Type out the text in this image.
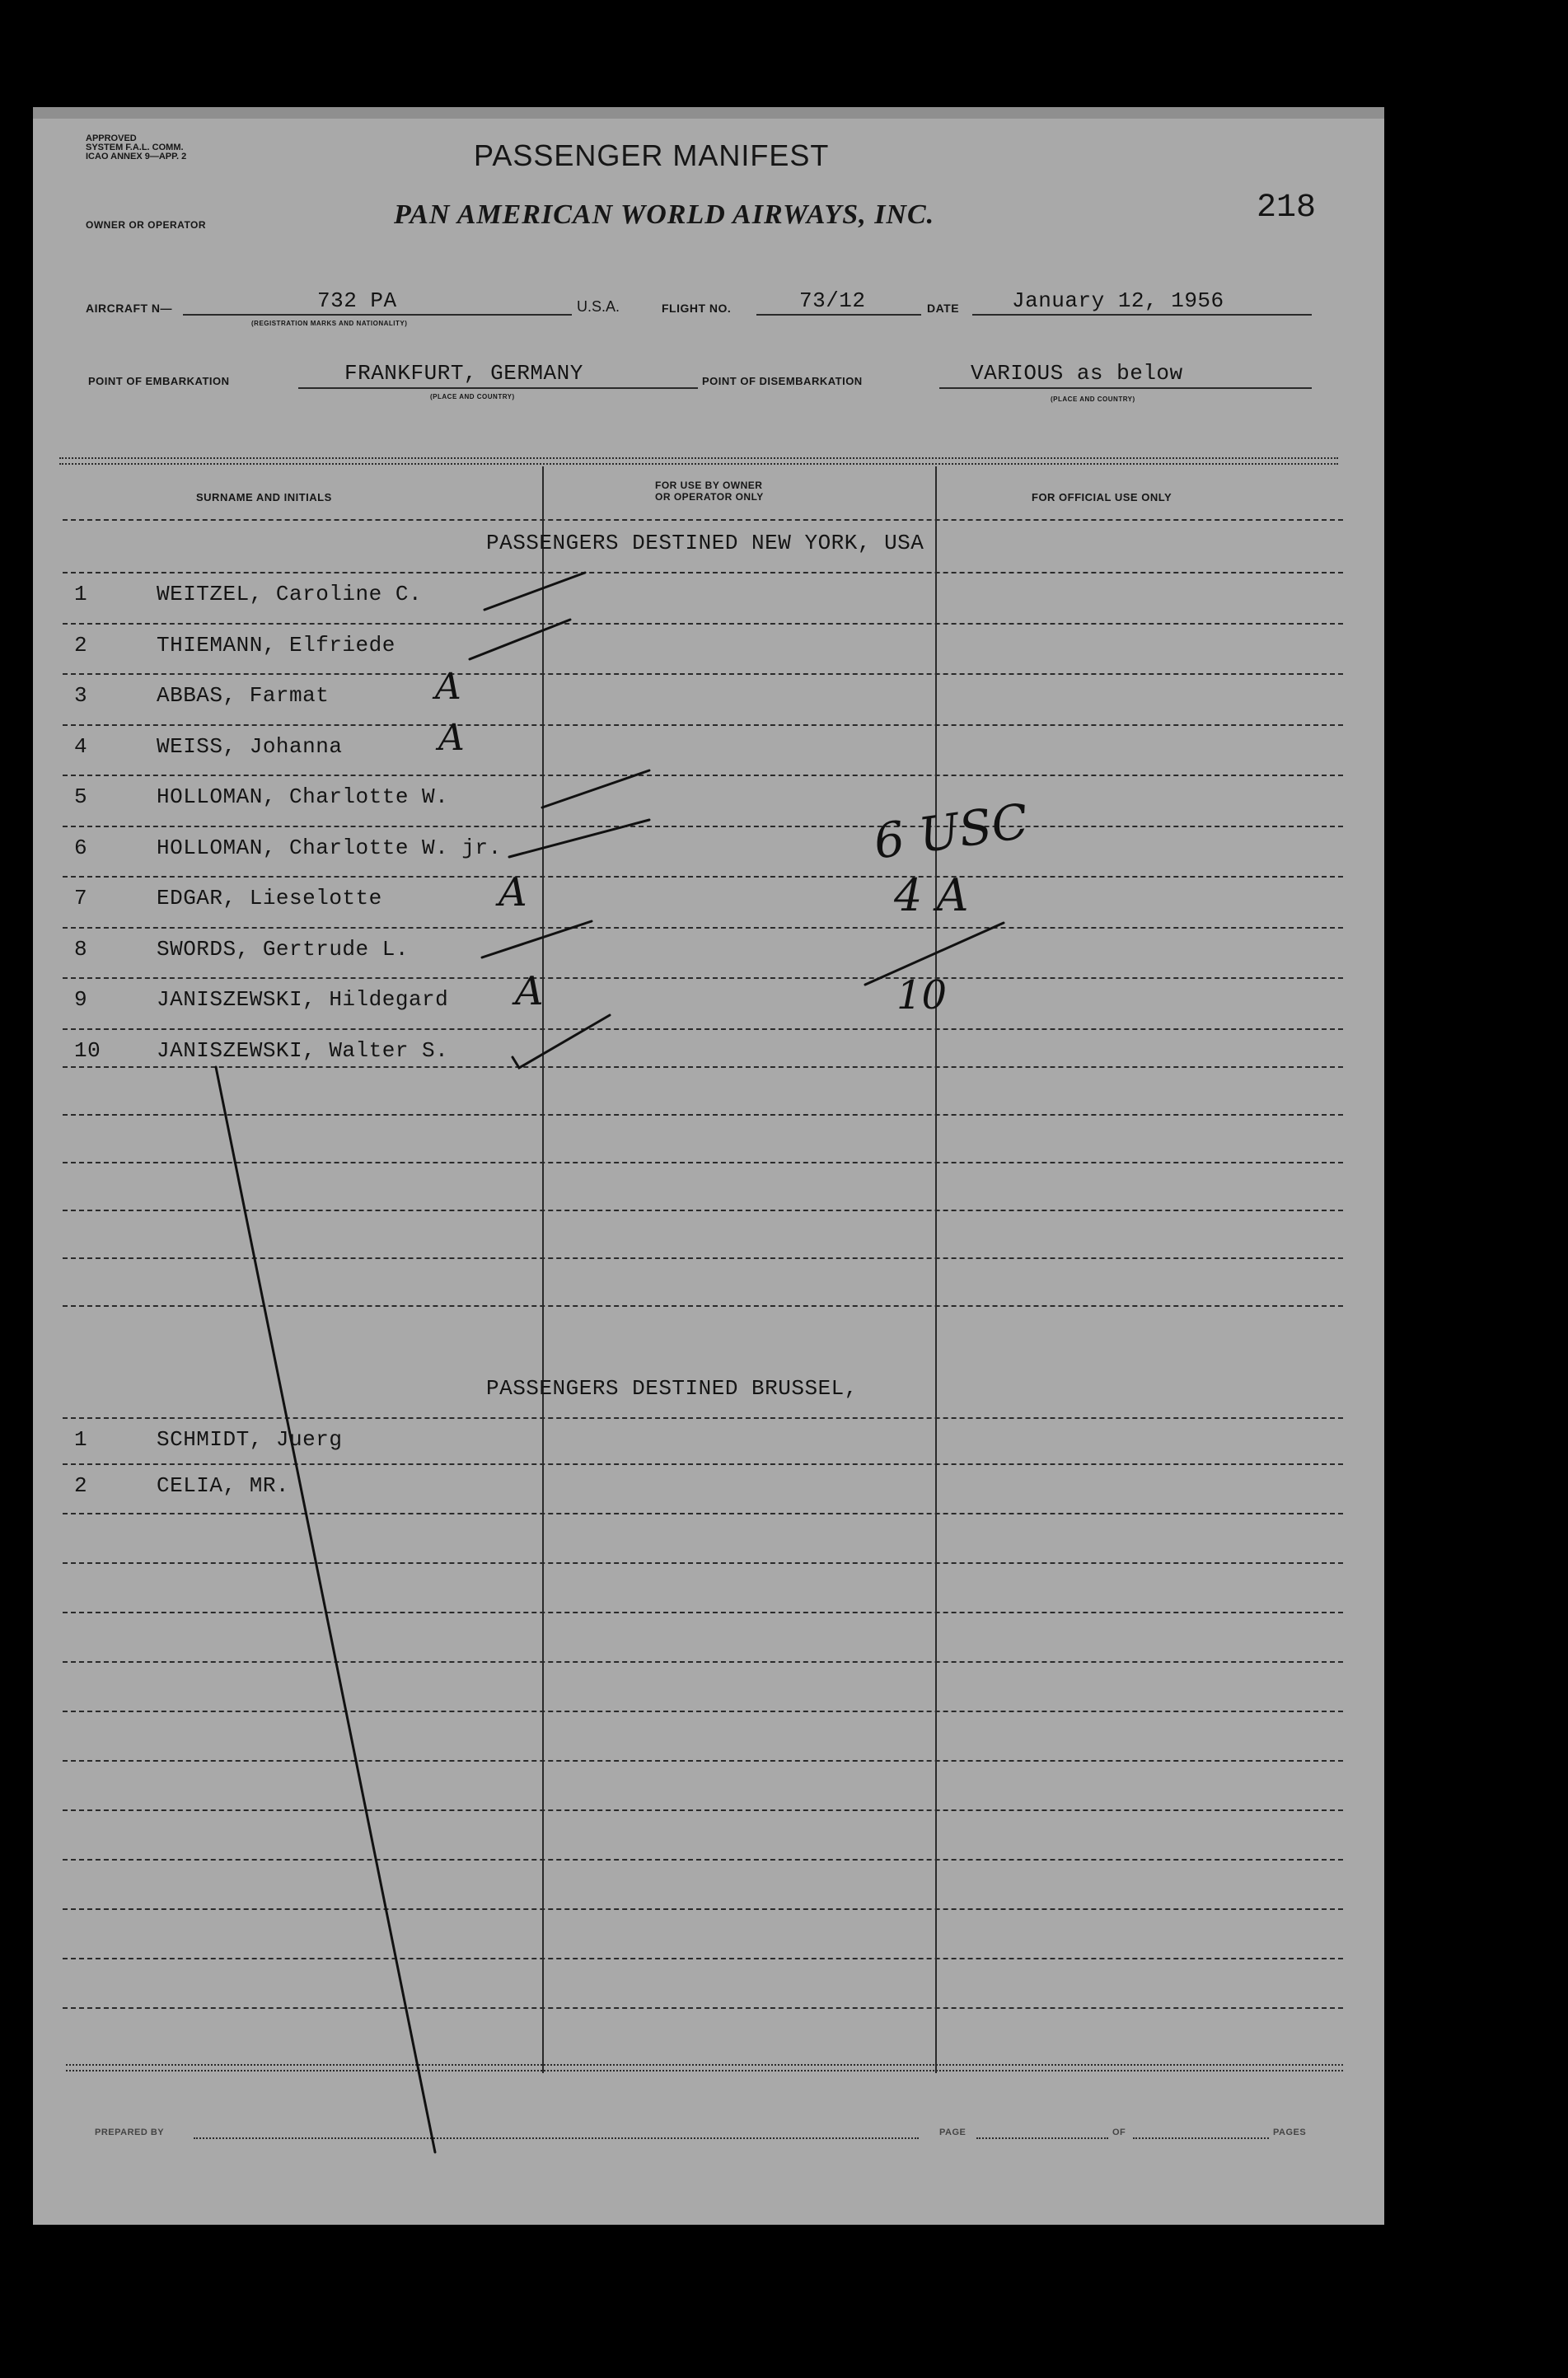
APPROVED
SYSTEM F.A.L. COMM.
ICAO ANNEX 9—APP. 2	PASSENGER MANIFEST
OWNER OR OPERATOR	PAN AMERICAN WORLD AIRWAYS, INC.	218
AIRCRAFT N—	732 PA
(REGISTRATION MARKS AND NATIONALITY)
U.S.A.	FLIGHT NO.	73/12	DATE January 12, 1956
POINT OF EMBARKATION	FRANKFURT, GERMANY
(PLACE AND COUNTRY)
POINT OF DISEMBARKATION	VARIOUS as below
(PLACE AND COUNTRY)
SURNAME AND INITIALS
FOR USE BY OWNER
OR OPERATOR ONLY	FOR OFFICIAL USE ONLY
PASSENGERS DESTINED NEW YORK, USA
1	WEITZEL, Caroline C.
2	THIEMANN, Elfriede
3	ABBAS, Farmat
4	WEISS, Johanna
5	HOLLOMAN, Charlotte W.
6	HOLLOMAN, Charlotte W. jr.
7	EDGAR, Lieselotte
8	SWORDS, Gertrude L.
9	JANISZEWSKI, Hildegard
10	JANISZEWSKI, Walter S.
PASSENGERS DESTINED BRUSSEL,
1	SCHMIDT, Juerg
2	CELIA, MR.
PREPARED BY	PAGE	OF	PAGES
A
A
A
A
6 USC
4 A
10
